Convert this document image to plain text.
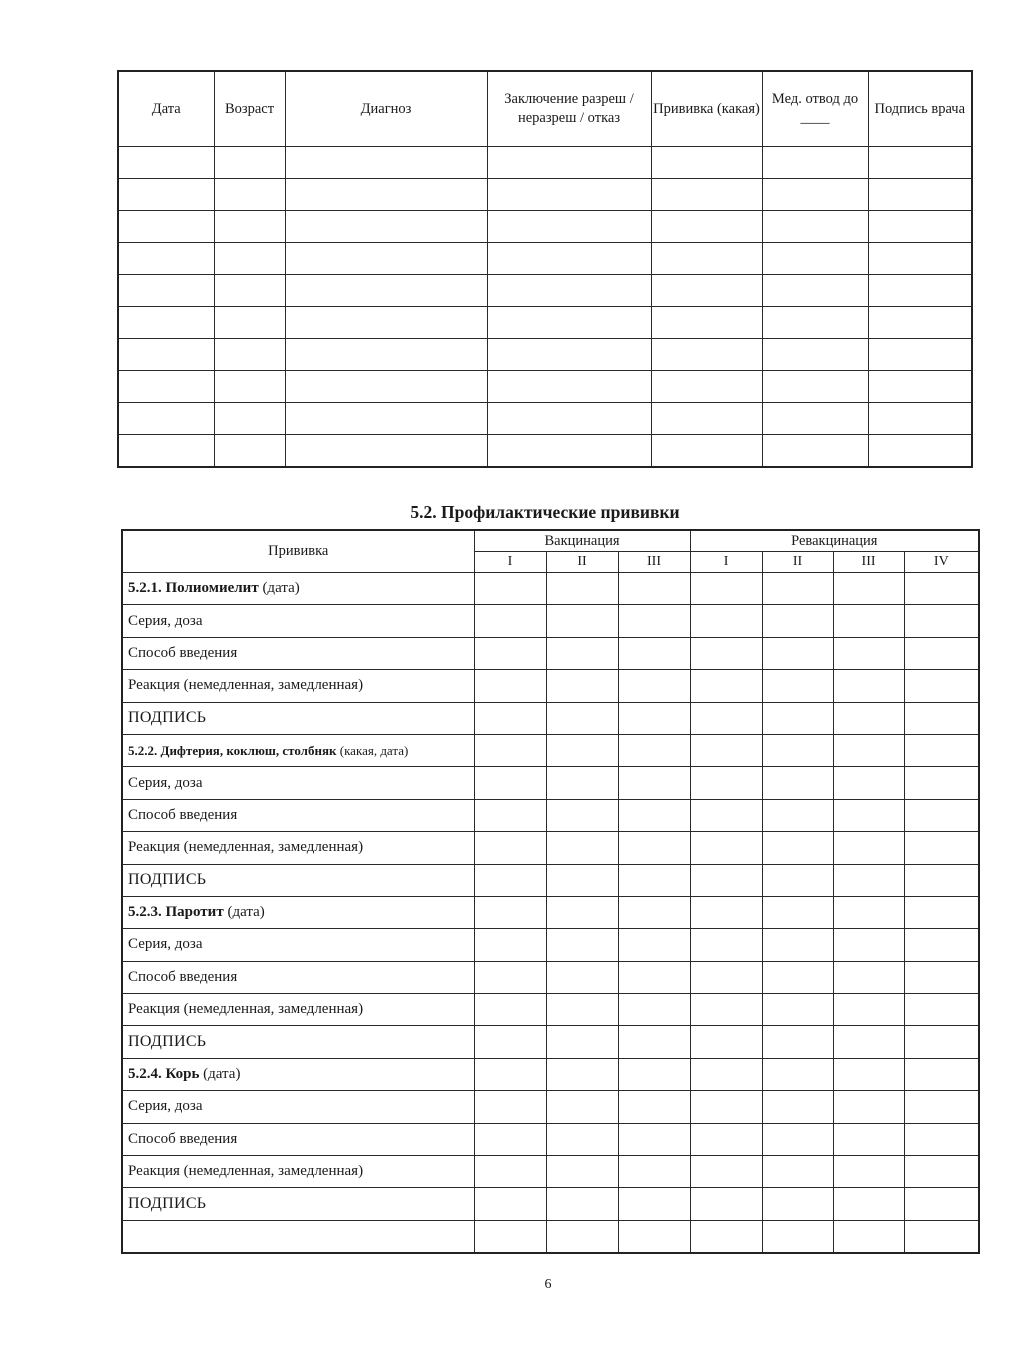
Дата	Возраст	Диагноз	Заключение разреш / неразреш / отказ	Прививка (какая)	Мед. отвод до ____	Подпись врача

5.2. Профилактические прививки
Прививка	Вакцинация			Ревакцинация			
	I	II	III	I	II	III	IV
5.2.1. Полиомиелит (дата)							
Серия, доза							
Способ введения							
Реакция (немедленная, замедленная)							
ПОДПИСЬ							
5.2.2. Дифтерия, коклюш, столбняк (какая, дата)							
Серия, доза							
Способ введения							
Реакция (немедленная, замедленная)							
ПОДПИСЬ							
5.2.3. Паротит (дата)							
Серия, доза							
Способ введения							
Реакция (немедленная, замедленная)							
ПОДПИСЬ							
5.2.4. Корь (дата)							
Серия, доза							
Способ введения							
Реакция (немедленная, замедленная)							
ПОДПИСЬ							

6
